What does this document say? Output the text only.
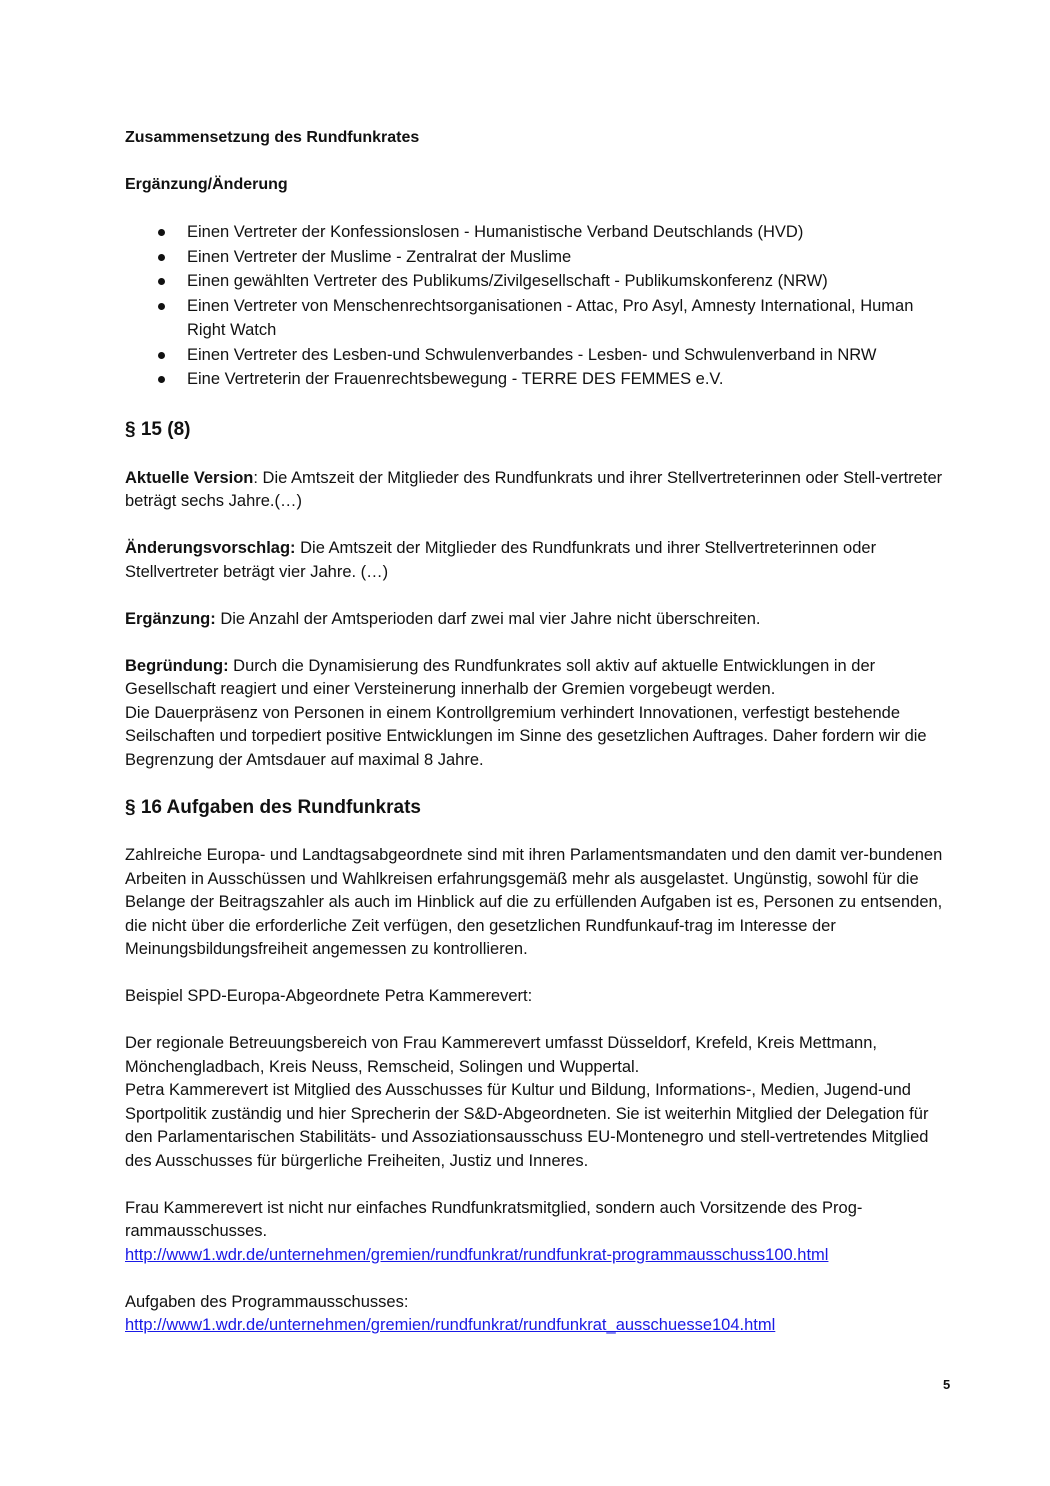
Zusammensetzung des Rundfunkrates

Ergänzung/Änderung

Einen Vertreter der Konfessionslosen - Humanistische Verband Deutschlands (HVD)
Einen Vertreter der Muslime - Zentralrat der Muslime
Einen gewählten Vertreter des Publikums/Zivilgesellschaft - Publikumskonferenz (NRW)
Einen Vertreter von Menschenrechtsorganisationen - Attac, Pro Asyl, Amnesty International, Human Right Watch
Einen Vertreter des Lesben-und Schwulenverbandes - Lesben- und Schwulenverband in NRW
Eine Vertreterin der Frauenrechtsbewegung - TERRE DES FEMMES e.V.

§ 15 (8)

Aktuelle Version: Die Amtszeit der Mitglieder des Rundfunkrats und ihrer Stellvertreterinnen oder Stell-vertreter beträgt sechs Jahre.(…)

Änderungsvorschlag: Die Amtszeit der Mitglieder des Rundfunkrats und ihrer Stellvertreterinnen oder Stellvertreter beträgt vier Jahre. (…)

Ergänzung: Die Anzahl der Amtsperioden darf zwei mal vier Jahre nicht überschreiten.

Begründung: Durch die Dynamisierung des Rundfunkrates soll aktiv auf aktuelle Entwicklungen in der Gesellschaft reagiert und einer Versteinerung innerhalb der Gremien vorgebeugt werden.

Die Dauerpräsenz von Personen in einem Kontrollgremium verhindert Innovationen, verfestigt bestehende Seilschaften und torpediert positive Entwicklungen im Sinne des gesetzlichen Auftrages. Daher fordern wir die Begrenzung der Amtsdauer auf maximal 8 Jahre.

§ 16 Aufgaben des Rundfunkrats

Zahlreiche Europa- und Landtagsabgeordnete sind mit ihren Parlamentsmandaten und den damit ver-bundenen Arbeiten in Ausschüssen und Wahlkreisen erfahrungsgemäß mehr als ausgelastet. Ungünstig, sowohl für die Belange der Beitragszahler als auch im Hinblick auf die zu erfüllenden Aufgaben ist es, Personen zu entsenden, die nicht über die erforderliche Zeit verfügen, den gesetzlichen Rundfunkauf-trag im Interesse der Meinungsbildungsfreiheit angemessen zu kontrollieren.

Beispiel SPD-Europa-Abgeordnete Petra Kammerevert:

Der regionale Betreuungsbereich von Frau Kammerevert umfasst Düsseldorf, Krefeld, Kreis Mettmann, Mönchengladbach, Kreis Neuss, Remscheid, Solingen und Wuppertal.

Petra Kammerevert ist Mitglied des Ausschusses für Kultur und Bildung, Informations-, Medien, Jugend-und Sportpolitik zuständig und hier Sprecherin der S&D-Abgeordneten. Sie ist weiterhin Mitglied der Delegation für den Parlamentarischen Stabilitäts- und Assoziationsausschuss EU-Montenegro und stell-vertretendes Mitglied des Ausschusses für bürgerliche Freiheiten, Justiz und Inneres.

Frau Kammerevert ist nicht nur einfaches Rundfunkratsmitglied, sondern auch Vorsitzende des Prog-rammausschusses.

http://www1.wdr.de/unternehmen/gremien/rundfunkrat/rundfunkrat-programmausschuss100.html

Aufgaben des Programmausschusses:

http://www1.wdr.de/unternehmen/gremien/rundfunkrat/rundfunkrat_ausschuesse104.html

5
